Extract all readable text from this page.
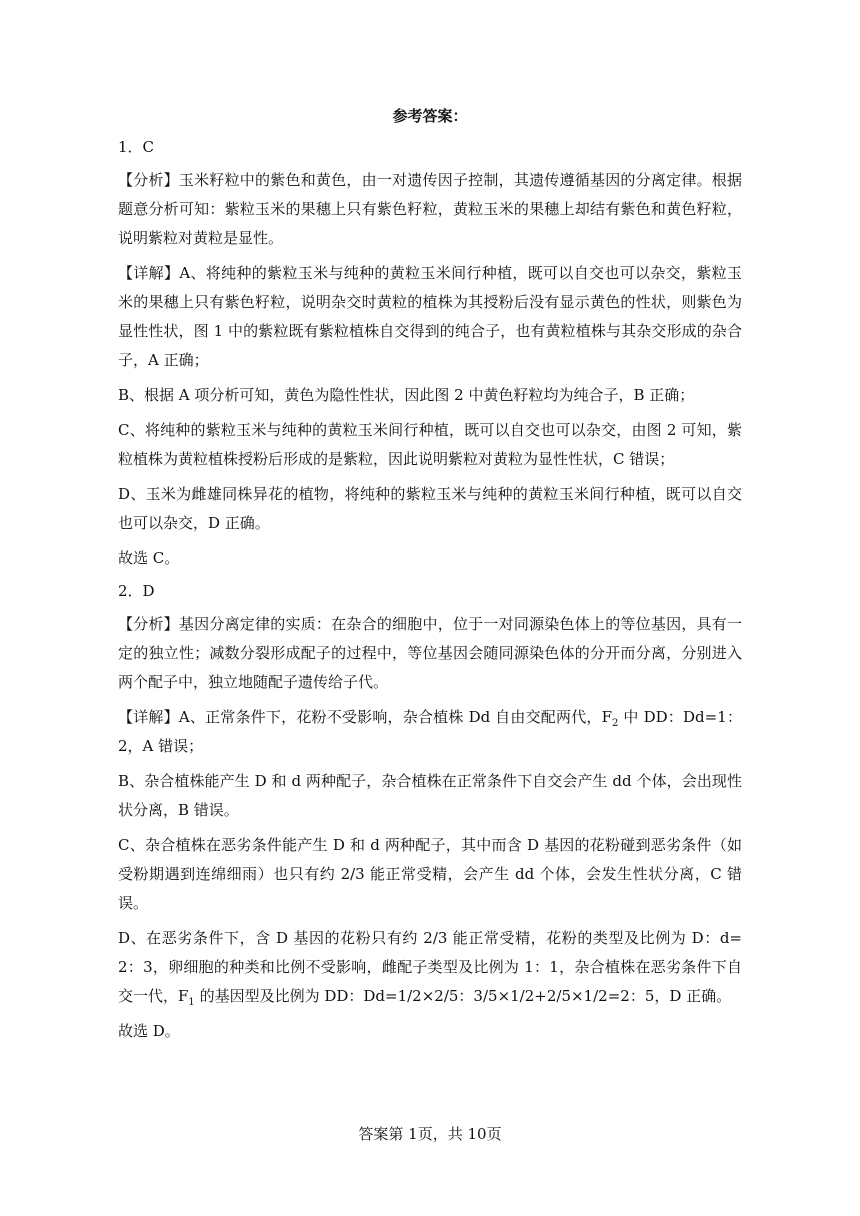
参考答案：

1．C

【分析】玉米籽粒中的紫色和黄色，由一对遗传因子控制，其遗传遵循基因的分离定律。根据题意分析可知：紫粒玉米的果穗上只有紫色籽粒，黄粒玉米的果穗上却结有紫色和黄色籽粒，说明紫粒对黄粒是显性。

【详解】A、将纯种的紫粒玉米与纯种的黄粒玉米间行种植，既可以自交也可以杂交，紫粒玉米的果穗上只有紫色籽粒，说明杂交时黄粒的植株为其授粉后没有显示黄色的性状，则紫色为显性性状，图 1 中的紫粒既有紫粒植株自交得到的纯合子，也有黄粒植株与其杂交形成的杂合子，A 正确；

B、根据 A 项分析可知，黄色为隐性性状，因此图 2 中黄色籽粒均为纯合子，B 正确；

C、将纯种的紫粒玉米与纯种的黄粒玉米间行种植，既可以自交也可以杂交，由图 2 可知，紫粒植株为黄粒植株授粉后形成的是紫粒，因此说明紫粒对黄粒为显性性状，C 错误；

D、玉米为雌雄同株异花的植物，将纯种的紫粒玉米与纯种的黄粒玉米间行种植，既可以自交也可以杂交，D 正确。

故选 C。

2．D

【分析】基因分离定律的实质：在杂合的细胞中，位于一对同源染色体上的等位基因，具有一定的独立性；减数分裂形成配子的过程中，等位基因会随同源染色体的分开而分离，分别进入两个配子中，独立地随配子遗传给子代。

【详解】A、正常条件下，花粉不受影响，杂合植株 Dd 自由交配两代，$F_2$ 中 DD：Dd=1：2，A 错误；

B、杂合植株能产生 D 和 d 两种配子，杂合植株在正常条件下自交会产生 dd 个体，会出现性状分离，B 错误。

C、杂合植株在恶劣条件能产生 D 和 d 两种配子，其中而含 D 基因的花粉碰到恶劣条件（如受粉期遇到连绵细雨）也只有约 2/3 能正常受精，会产生 dd 个体，会发生性状分离，C 错误。

D、在恶劣条件下，含 D 基因的花粉只有约 2/3 能正常受精，花粉的类型及比例为 D：d=2：3，卵细胞的种类和比例不受影响，雌配子类型及比例为 1：1，杂合植株在恶劣条件下自交一代，$F_1$ 的基因型及比例为 DD：Dd=1/2×2/5：3/5×1/2+2/5×1/2=2：5，D 正确。

故选 D。

答案第 1页，共 10页
